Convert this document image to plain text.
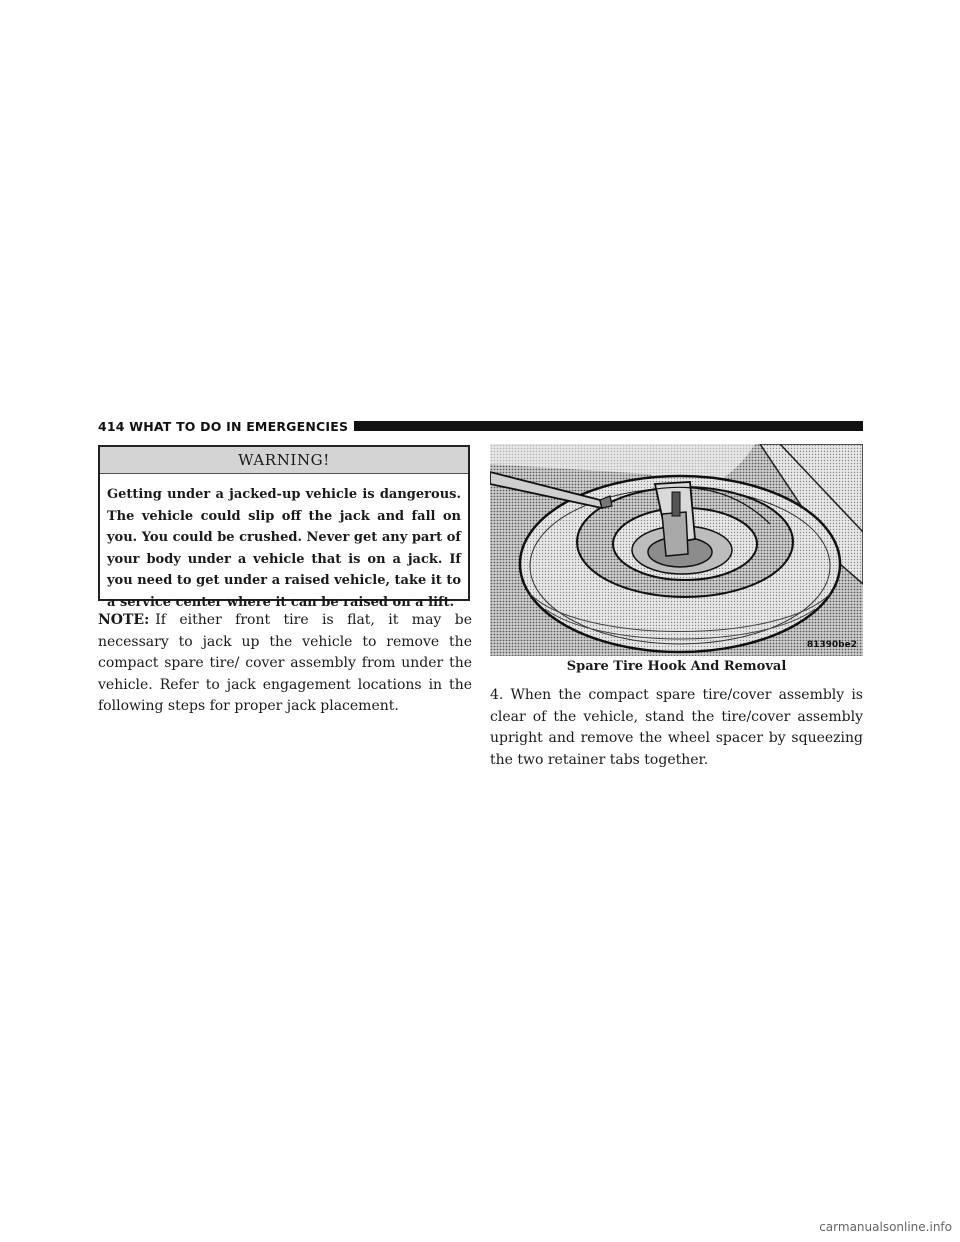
414 WHAT TO DO IN EMERGENCIES
WARNING!
Getting under a jacked-up vehicle is dangerous. The vehicle could slip off the jack and fall on you. You could be crushed. Never get any part of your body under a vehicle that is on a jack. If you need to get under a raised vehicle, take it to a service center where it can be raised on a lift.
NOTE: If either front tire is flat, it may be necessary to jack up the vehicle to remove the compact spare tire/ cover assembly from under the vehicle. Refer to jack engagement locations in the following steps for proper jack placement.
81390be2
Spare Tire Hook And Removal
4. When the compact spare tire/cover assembly is clear of the vehicle, stand the tire/cover assembly upright and remove the wheel spacer by squeezing the two retainer tabs together.
carmanualsonline.info
